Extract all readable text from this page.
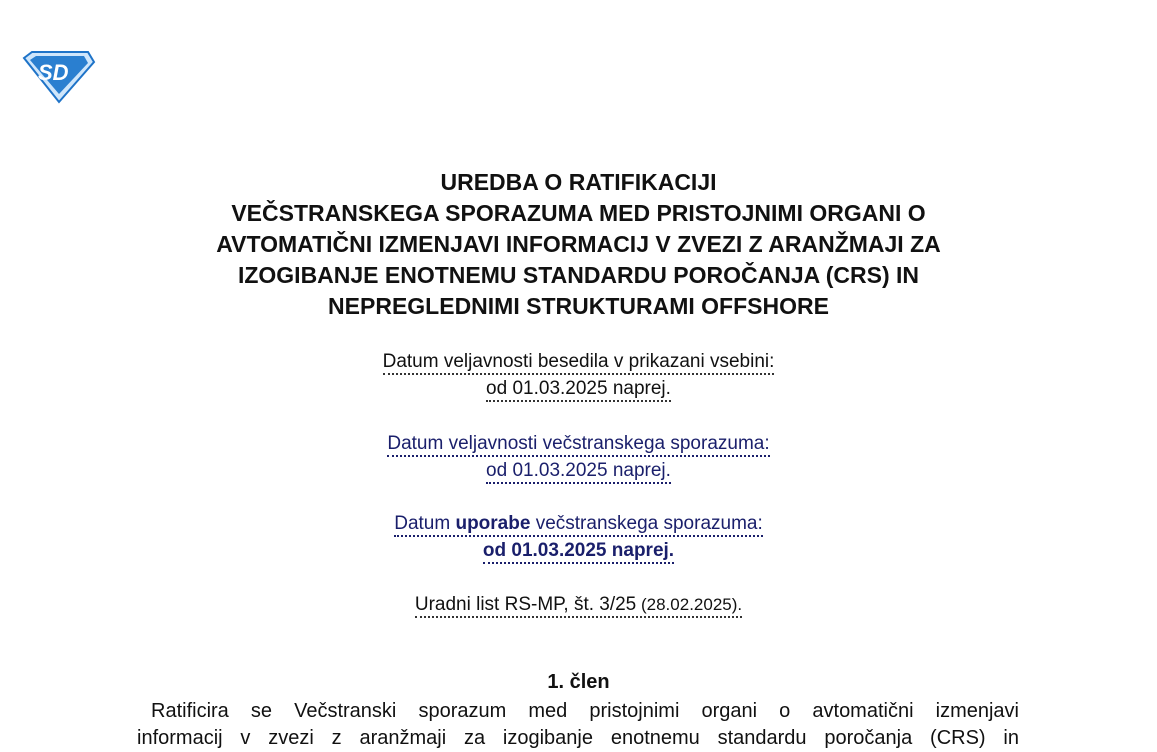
SD
UREDBA O RATIFIKACIJI
VEČSTRANSKEGA SPORAZUMA MED PRISTOJNIMI ORGANI O
AVTOMATIČNI IZMENJAVI INFORMACIJ V ZVEZI Z ARANŽMAJI ZA
IZOGIBANJE ENOTNEMU STANDARDU POROČANJA (CRS) IN
NEPREGLEDNIMI STRUKTURAMI OFFSHORE
Datum veljavnosti besedila v prikazani vsebini:
od 01.03.2025 naprej.
Datum veljavnosti večstranskega sporazuma:
od 01.03.2025 naprej.
Datum uporabe večstranskega sporazuma:
od 01.03.2025 naprej.
Uradni list RS-MP, št. 3/25 (28.02.2025).
1. člen
Ratificira se Večstranski sporazum med pristojnimi organi o avtomatični izmenjavi
informacij v zvezi z aranžmaji za izogibanje enotnemu standardu poročanja (CRS) in
